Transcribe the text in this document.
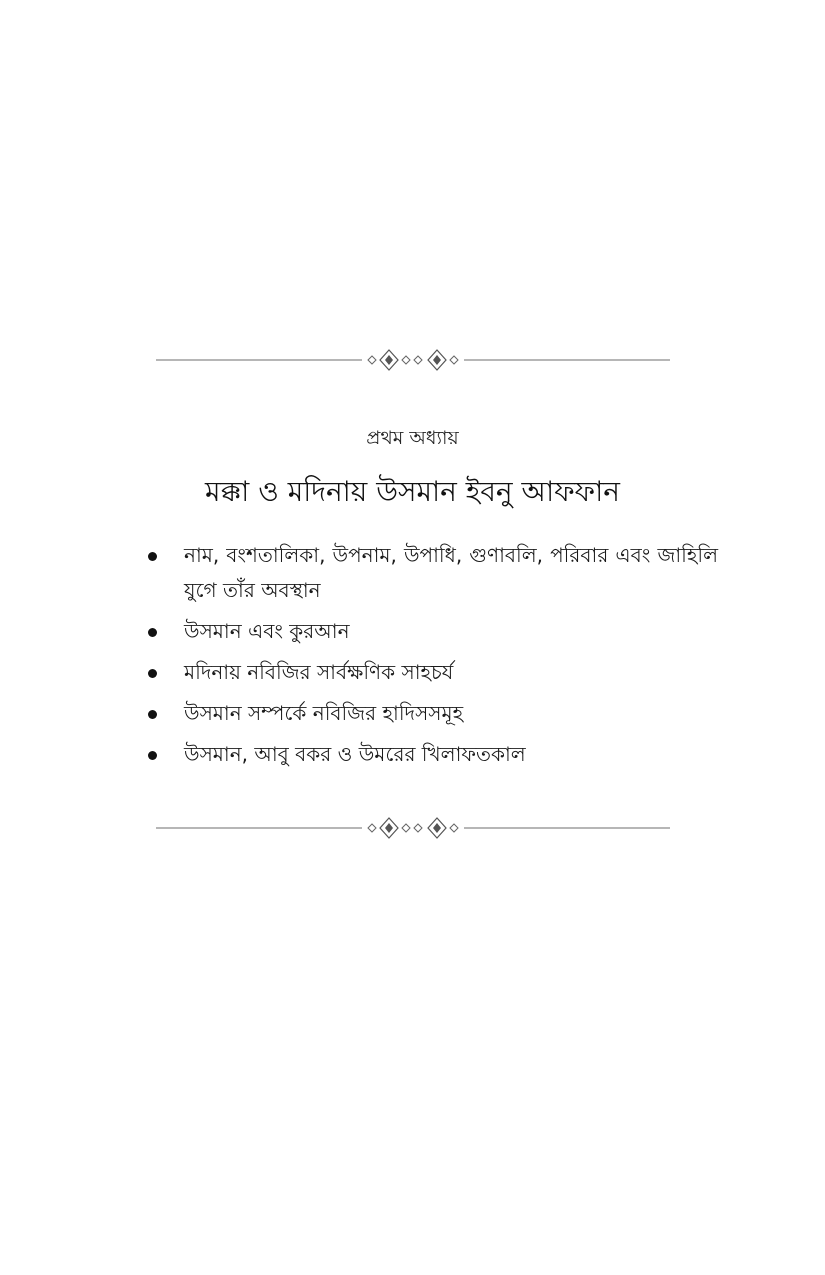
প্রথম অধ্যায়
মক্কা ও মদিনায় উসমান ইবনু আফফান
নাম, বংশতালিকা, উপনাম, উপাধি, গুণাবলি, পরিবার এবং জাহিলি যুগে তাঁর অবস্থান
উসমান এবং কুরআন
মদিনায় নবিজির সার্বক্ষণিক সাহচর্য
উসমান সম্পর্কে নবিজির হাদিসসমূহ
উসমান, আবু বকর ও উমরের খিলাফতকাল
